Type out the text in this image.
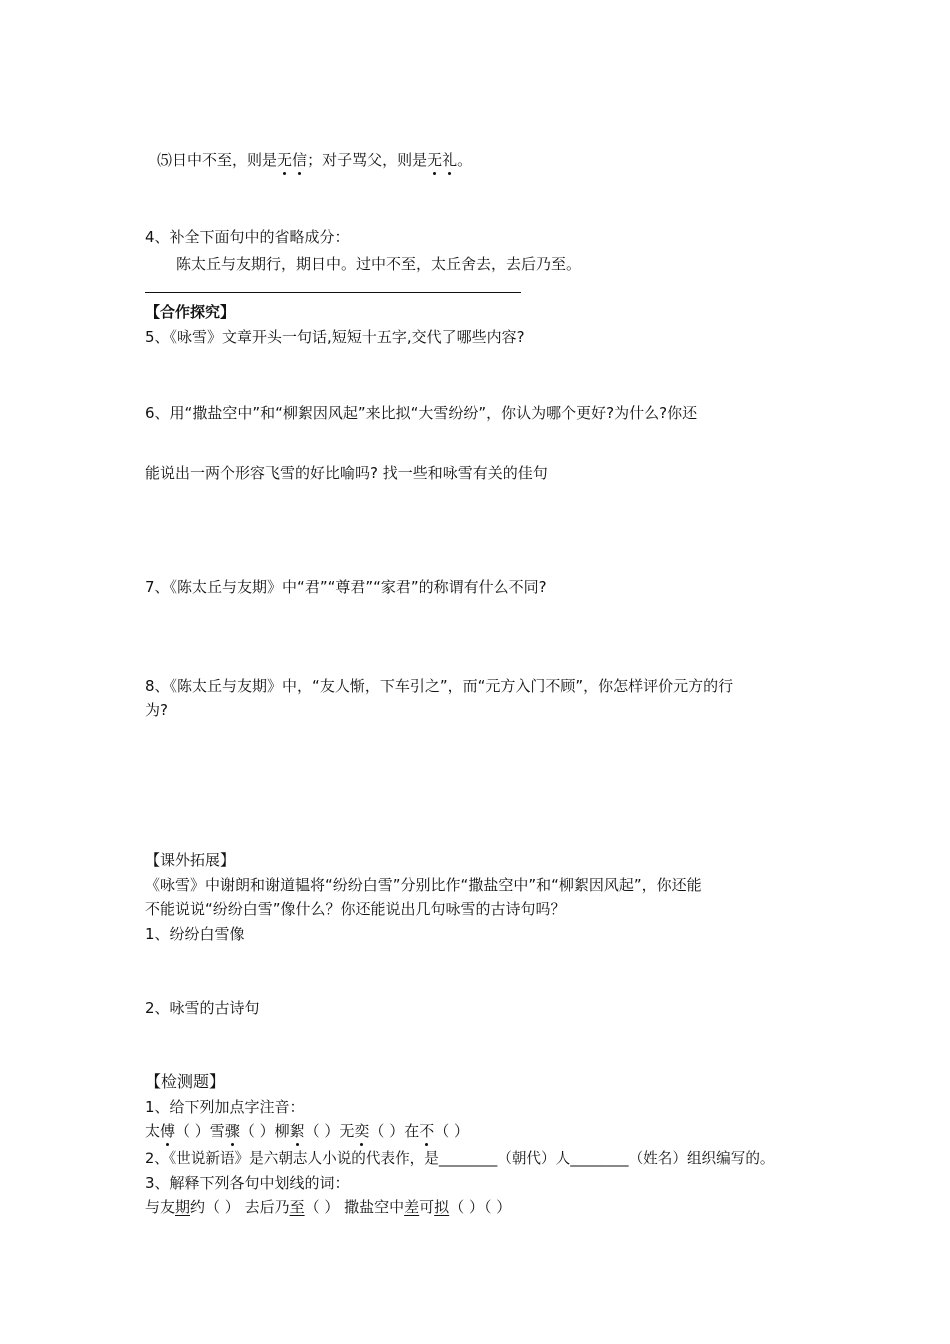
⑸日中不至，则是无信；对子骂父，则是无礼。
4、补全下面句中的省略成分：
陈太丘与友期行，期日中。过中不至，太丘舍去，去后乃至。
【合作探究】
5、《咏雪》文章开头一句话,短短十五字,交代了哪些内容?
6、用“撒盐空中”和“柳絮因风起”来比拟“大雪纷纷”，你认为哪个更好?为什么?你还
能说出一两个形容飞雪的好比喻吗? 找一些和咏雪有关的佳句
7、《陈太丘与友期》中“君”“尊君”“家君”的称谓有什么不同?
8、《陈太丘与友期》中，“友人惭，下车引之”，而“元方入门不顾”，你怎样评价元方的行
为?
【课外拓展】
《咏雪》中谢朗和谢道韫将“纷纷白雪”分别比作“撒盐空中”和“柳絮因风起”，你还能
不能说说“纷纷白雪”像什么？你还能说出几句咏雪的古诗句吗？
1、纷纷白雪像
2、咏雪的古诗句
【检测题】
1、给下列加点字注音：
太傅（ ）雪骤（ ）柳絮（ ）无奕（ ）在不（ ）
2、《世说新语》是六朝志人小说的代表作，是________（朝代）人________（姓名）组织编写的。
3、解释下列各句中划线的词：
与友期约（ ） 去后乃至（ ） 撒盐空中差可拟（ ）（ ）
